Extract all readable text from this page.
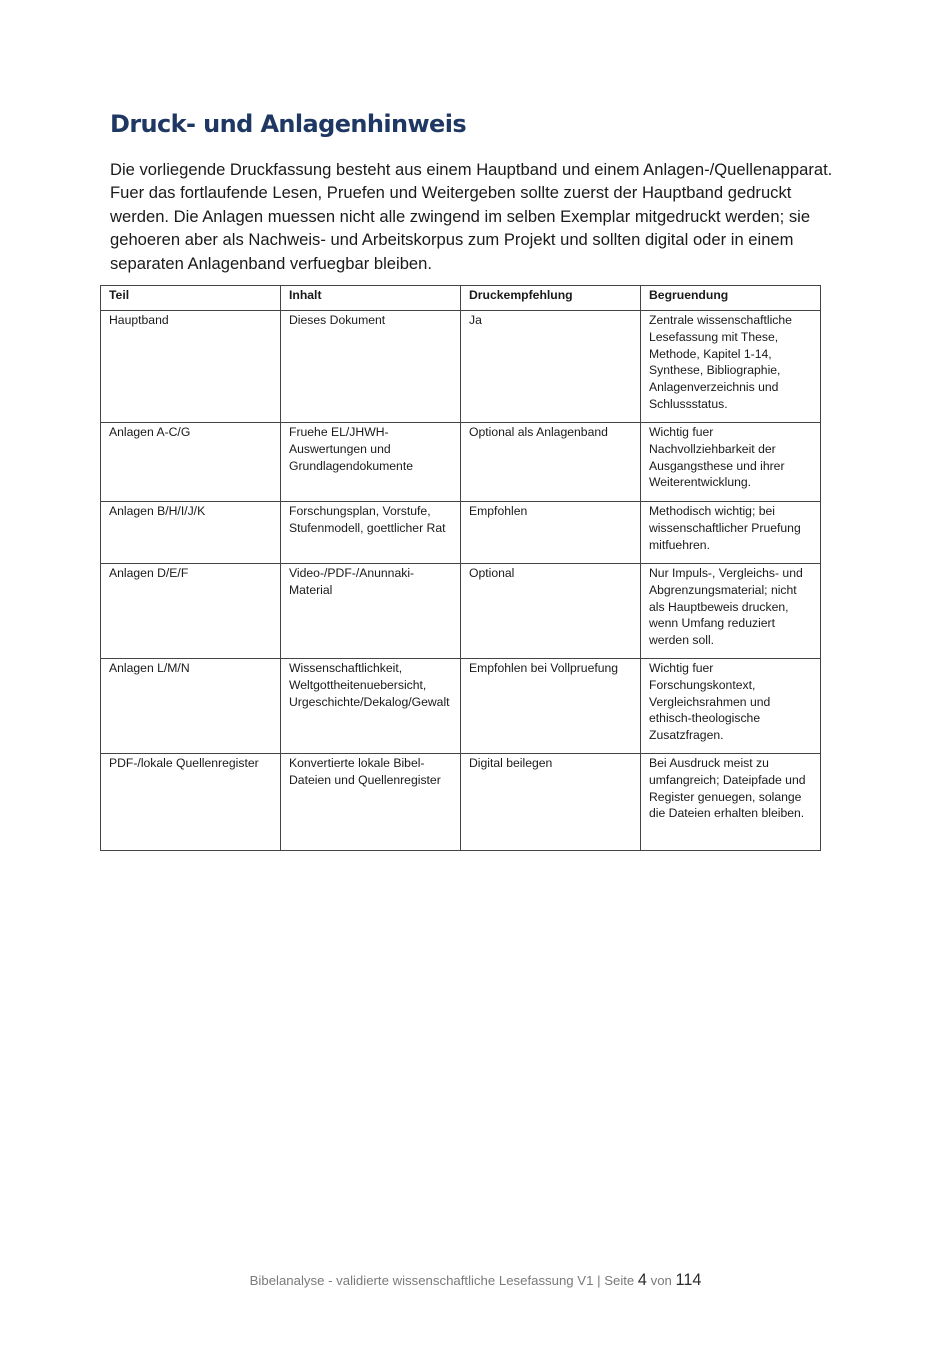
Druck- und Anlagenhinweis

Die vorliegende Druckfassung besteht aus einem Hauptband und einem Anlagen-/Quellenapparat. Fuer das fortlaufende Lesen, Pruefen und Weitergeben sollte zuerst der Hauptband gedruckt werden. Die Anlagen muessen nicht alle zwingend im selben Exemplar mitgedruckt werden; sie gehoeren aber als Nachweis- und Arbeitskorpus zum Projekt und sollten digital oder in einem separaten Anlagenband verfuegbar bleiben.

Teil	Inhalt	Druckempfehlung	Begruendung
Hauptband	Dieses Dokument	Ja	Zentrale wissenschaftliche Lesefassung mit These, Methode, Kapitel 1-14, Synthese, Bibliographie, Anlagenverzeichnis und Schlussstatus.
Anlagen A-C/G	Fruehe EL/JHWH-Auswertungen und Grundlagendokumente	Optional als Anlagenband	Wichtig fuer Nachvollziehbarkeit der Ausgangsthese und ihrer Weiterentwicklung.
Anlagen B/H/I/J/K	Forschungsplan, Vorstufe, Stufenmodell, goettlicher Rat	Empfohlen	Methodisch wichtig; bei wissenschaftlicher Pruefung mitfuehren.
Anlagen D/E/F	Video-/PDF-/Anunnaki-Material	Optional	Nur Impuls-, Vergleichs- und Abgrenzungsmaterial; nicht als Hauptbeweis drucken, wenn Umfang reduziert werden soll.
Anlagen L/M/N	Wissenschaftlichkeit, Weltgottheitenuebersicht, Urgeschichte/Dekalog/Gewalt	Empfohlen bei Vollpruefung	Wichtig fuer Forschungskontext, Vergleichsrahmen und ethisch-theologische Zusatzfragen.
PDF-/lokale Quellenregister	Konvertierte lokale Bibel-Dateien und Quellenregister	Digital beilegen	Bei Ausdruck meist zu umfangreich; Dateipfade und Register genuegen, solange die Dateien erhalten bleiben.
Bibelanalyse - validierte wissenschaftliche Lesefassung V1 | Seite 4 von 114
